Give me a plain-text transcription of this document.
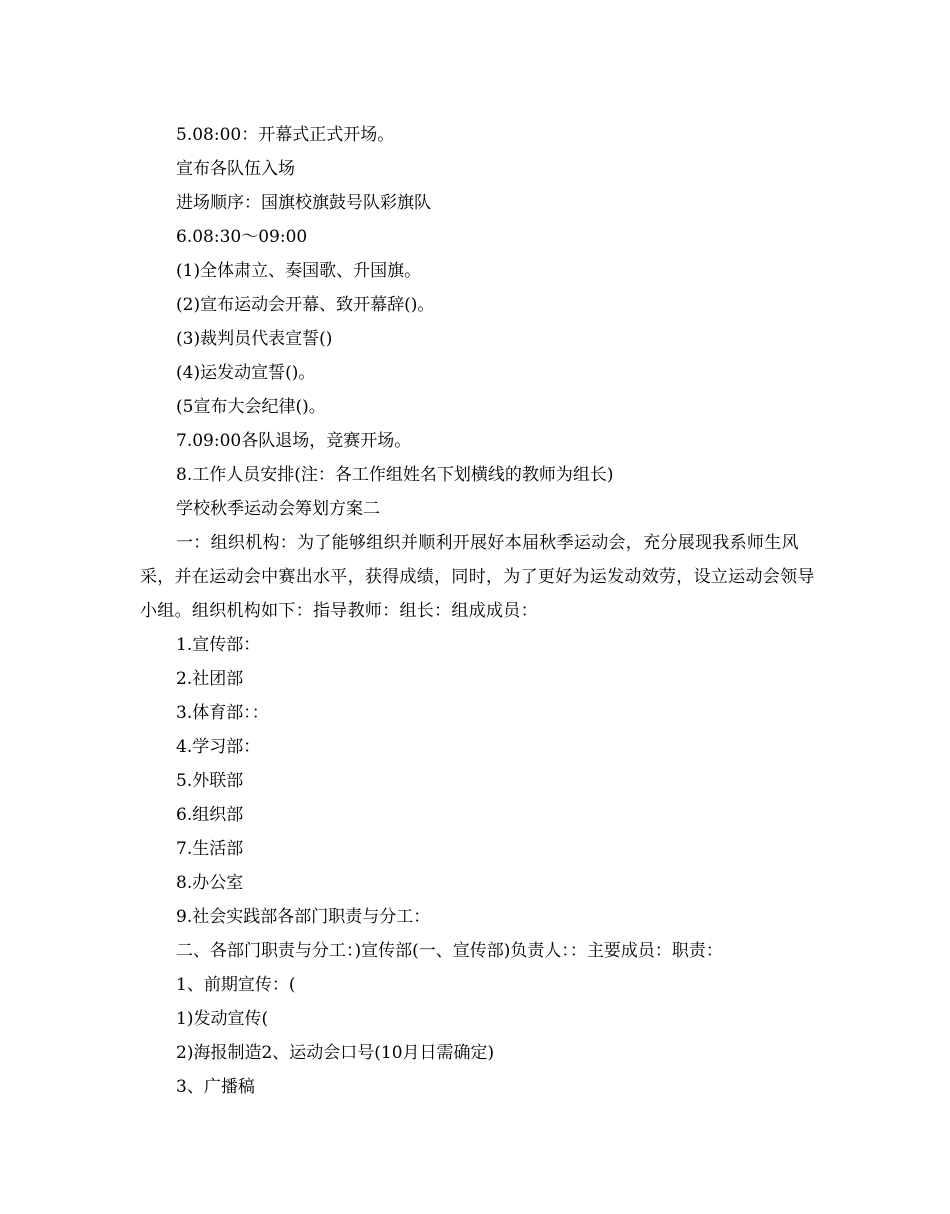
5.08:00：开幕式正式开场。

宣布各队伍入场

进场顺序：国旗校旗鼓号队彩旗队

6.08:30～09:00

(1)全体肃立、奏国歌、升国旗。

(2)宣布运动会开幕、致开幕辞()。

(3)裁判员代表宣誓()

(4)运发动宣誓()。

(5宣布大会纪律()。

7.09:00各队退场，竞赛开场。

8.工作人员安排(注：各工作组姓名下划横线的教师为组长)

学校秋季运动会筹划方案二

一：组织机构：为了能够组织并顺利开展好本届秋季运动会，充分展现我系师生风采，并在运动会中赛出水平，获得成绩，同时，为了更好为运发动效劳，设立运动会领导小组。组织机构如下：指导教师：组长：组成成员：

1.宣传部：

2.社团部

3.体育部：：

4.学习部：

5.外联部

6.组织部

7.生活部

8.办公室

9.社会实践部各部门职责与分工：

二、各部门职责与分工：)宣传部(一、宣传部)负责人：：主要成员：职责：

1、前期宣传：(

1)发动宣传(

2)海报制造2、运动会口号(10月日需确定)

3、广播稿
